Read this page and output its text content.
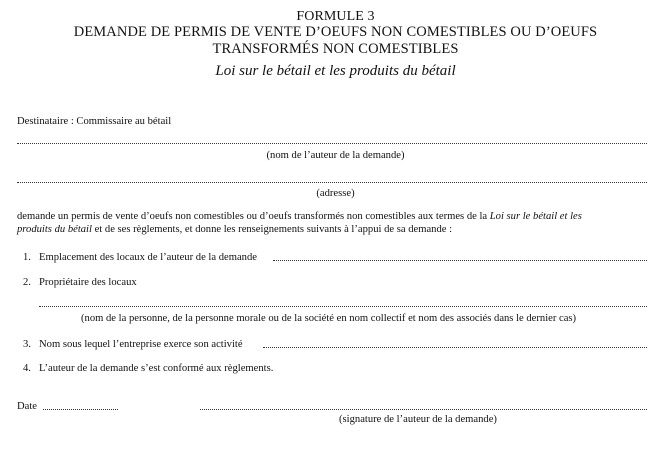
FORMULE 3
DEMANDE DE PERMIS DE VENTE D’OEUFS NON COMESTIBLES OU D’OEUFS
TRANSFORMÉS NON COMESTIBLES
Loi sur le bétail et les produits du bétail
Destinataire : Commissaire au bétail
(nom de l’auteur de la demande)
(adresse)
demande un permis de vente d’oeufs non comestibles ou d’oeufs transformés non comestibles aux termes de la Loi sur le bétail et les
produits du bétail et de ses règlements, et donne les renseignements suivants à l’appui de sa demande :
1. Emplacement des locaux de l’auteur de la demande
2. Propriétaire des locaux
(nom de la personne, de la personne morale ou de la société en nom collectif et nom des associés dans le dernier cas)
3. Nom sous lequel l’entreprise exerce son activité
4. L’auteur de la demande s’est conformé aux règlements.
Date
(signature de l’auteur de la demande)
